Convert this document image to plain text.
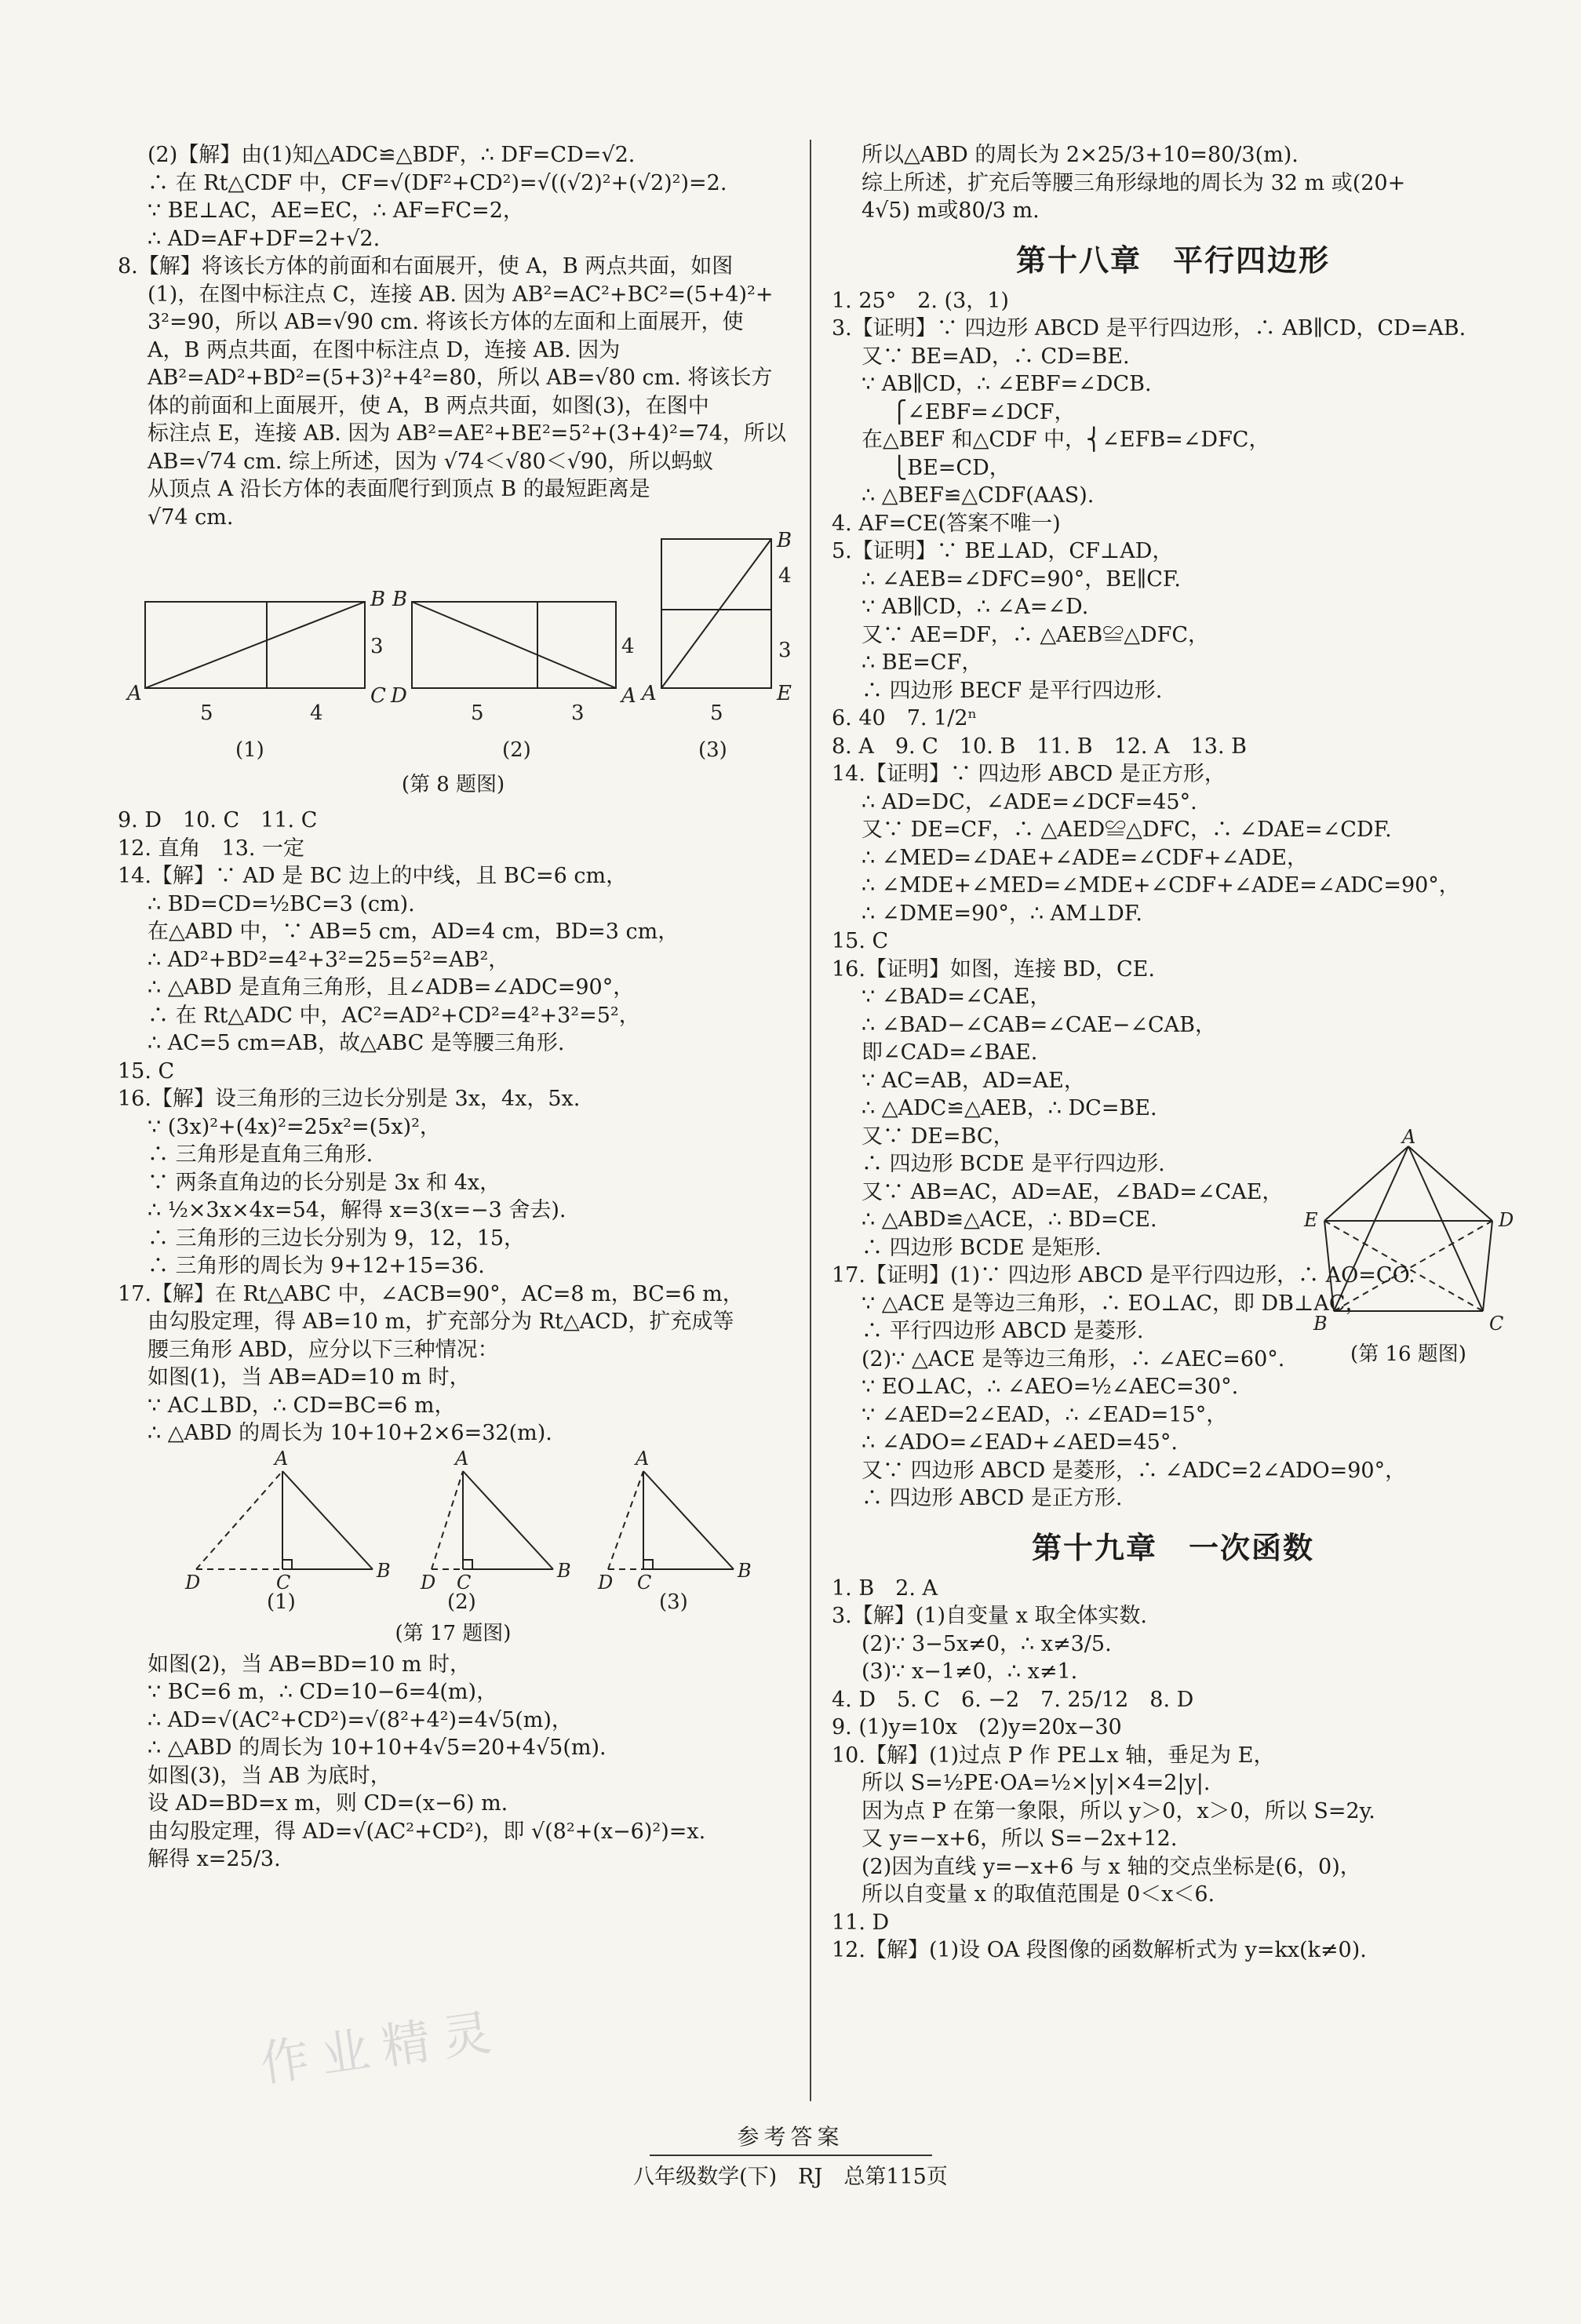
(2)【解】由(1)知△ADC≌△BDF，∴ DF=CD=√2.

∴ 在 Rt△CDF 中，CF=√(DF²+CD²)=√((√2)²+(√2)²)=2.

∵ BE⊥AC，AE=EC，∴ AF=FC=2，

∴ AD=AF+DF=2+√2.

8.【解】将该长方体的前面和右面展开，使 A，B 两点共面，如图

(1)，在图中标注点 C，连接 AB. 因为 AB²=AC²+BC²=(5+4)²+

3²=90，所以 AB=√90 cm. 将该长方体的左面和上面展开，使

A，B 两点共面，在图中标注点 D，连接 AB. 因为

AB²=AD²+BD²=(5+3)²+4²=80，所以 AB=√80 cm. 将该长方

体的前面和上面展开，使 A，B 两点共面，如图(3)，在图中

标注点 E，连接 AB. 因为 AB²=AE²+BE²=5²+(3+4)²=74，所以

AB=√74 cm. 综上所述，因为 √74＜√80＜√90，所以蚂蚁

从顶点 A 沿长方体的表面爬行到顶点 B 的最短距离是

√74 cm.

A
B
C D
B
A A
B
E
5	4
3
5	3
4
5
4
3
(1)	(2)	(3)
(第 8 题图)

9. D　10. C　11. C

12. 直角　13. 一定

14.【解】∵ AD 是 BC 边上的中线，且 BC=6 cm，

∴ BD=CD=½BC=3 (cm).

在△ABD 中，∵ AB=5 cm，AD=4 cm，BD=3 cm，

∴ AD²+BD²=4²+3²=25=5²=AB²，

∴ △ABD 是直角三角形，且∠ADB=∠ADC=90°，

∴ 在 Rt△ADC 中，AC²=AD²+CD²=4²+3²=5²，

∴ AC=5 cm=AB，故△ABC 是等腰三角形.

15. C

16.【解】设三角形的三边长分别是 3x，4x，5x.

∵ (3x)²+(4x)²=25x²=(5x)²，

∴ 三角形是直角三角形.

∵ 两条直角边的长分别是 3x 和 4x，

∴ ½×3x×4x=54，解得 x=3(x=−3 舍去).

∴ 三角形的三边长分别为 9，12，15，

∴ 三角形的周长为 9+12+15=36.

17.【解】在 Rt△ABC 中，∠ACB=90°，AC=8 m，BC=6 m，

由勾股定理，得 AB=10 m，扩充部分为 Rt△ACD，扩充成等

腰三角形 ABD，应分以下三种情况：

如图(1)，当 AB=AD=10 m 时，

∵ AC⊥BD，∴ CD=BC=6 m，

∴ △ABD 的周长为 10+10+2×6=32(m).

A
D	C
B
A
D C
B
A
D C
B
(1)	(2)	(3)
(第 17 题图)

如图(2)，当 AB=BD=10 m 时，

∵ BC=6 m，∴ CD=10−6=4(m)，

∴ AD=√(AC²+CD²)=√(8²+4²)=4√5(m)，

∴ △ABD 的周长为 10+10+4√5=20+4√5(m).

如图(3)，当 AB 为底时，

设 AD=BD=x m，则 CD=(x−6) m.

由勾股定理，得 AD=√(AC²+CD²)，即 √(8²+(x−6)²)=x.

解得 x=25/3.

所以△ABD 的周长为 2×25/3+10=80/3(m).

综上所述，扩充后等腰三角形绿地的周长为 32 m 或(20+

4√5) m或80/3 m.

第十八章　平行四边形

1. 25°　2. (3，1)

3.【证明】∵ 四边形 ABCD 是平行四边形，∴ AB∥CD，CD=AB.

又∵ BE=AD，∴ CD=BE.

∵ AB∥CD，∴ ∠EBF=∠DCB.

⎧∠EBF=∠DCF，

在△BEF 和△CDF 中，⎨∠EFB=∠DFC，

⎩BE=CD，

∴ △BEF≌△CDF(AAS).

4. AF=CE(答案不唯一)

5.【证明】∵ BE⊥AD，CF⊥AD，

∴ ∠AEB=∠DFC=90°，BE∥CF.

∵ AB∥CD，∴ ∠A=∠D.

又∵ AE=DF，∴ △AEB≌△DFC，

∴ BE=CF，

∴ 四边形 BECF 是平行四边形.

6. 40　7. 1/2ⁿ

8. A　9. C　10. B　11. B　12. A　13. B

14.【证明】∵ 四边形 ABCD 是正方形，

∴ AD=DC，∠ADE=∠DCF=45°.

又∵ DE=CF，∴ △AED≌△DFC，∴ ∠DAE=∠CDF.

∴ ∠MED=∠DAE+∠ADE=∠CDF+∠ADE，

∴ ∠MDE+∠MED=∠MDE+∠CDF+∠ADE=∠ADC=90°，

∴ ∠DME=90°，∴ AM⊥DF.

15. C

16.【证明】如图，连接 BD，CE.

∵ ∠BAD=∠CAE，

∴ ∠BAD−∠CAB=∠CAE−∠CAB，

即∠CAD=∠BAE.

∵ AC=AB，AD=AE，

∴ △ADC≌△AEB，∴ DC=BE.

又∵ DE=BC，

∴ 四边形 BCDE 是平行四边形.

又∵ AB=AC，AD=AE，∠BAD=∠CAE，

∴ △ABD≌△ACE，∴ BD=CE.

∴ 四边形 BCDE 是矩形.

17.【证明】(1)∵ 四边形 ABCD 是平行四边形，∴ AO=CO.

∵ △ACE 是等边三角形，∴ EO⊥AC，即 DB⊥AC，

∴ 平行四边形 ABCD 是菱形.

(2)∵ △ACE 是等边三角形，∴ ∠AEC=60°.

∵ EO⊥AC，∴ ∠AEO=½∠AEC=30°.

∵ ∠AED=2∠EAD，∴ ∠EAD=15°，

∴ ∠ADO=∠EAD+∠AED=45°.

又∵ 四边形 ABCD 是菱形，∴ ∠ADC=2∠ADO=90°，

∴ 四边形 ABCD 是正方形.

A
E	D
B	C
(第 16 题图)
第十九章　一次函数

1. B　2. A

3.【解】(1)自变量 x 取全体实数.

(2)∵ 3−5x≠0，∴ x≠3/5.

(3)∵ x−1≠0，∴ x≠1.

4. D　5. C　6. −2　7. 25/12　8. D

9. (1)y=10x　(2)y=20x−30

10.【解】(1)过点 P 作 PE⊥x 轴，垂足为 E，

所以 S=½PE·OA=½×|y|×4=2|y|.

因为点 P 在第一象限，所以 y＞0，x＞0，所以 S=2y.

又 y=−x+6，所以 S=−2x+12.

(2)因为直线 y=−x+6 与 x 轴的交点坐标是(6，0)，

所以自变量 x 的取值范围是 0＜x＜6.

11. D

12.【解】(1)设 OA 段图像的函数解析式为 y=kx(k≠0).

作业精灵
参考答案
八年级数学(下)　RJ　总第115页
